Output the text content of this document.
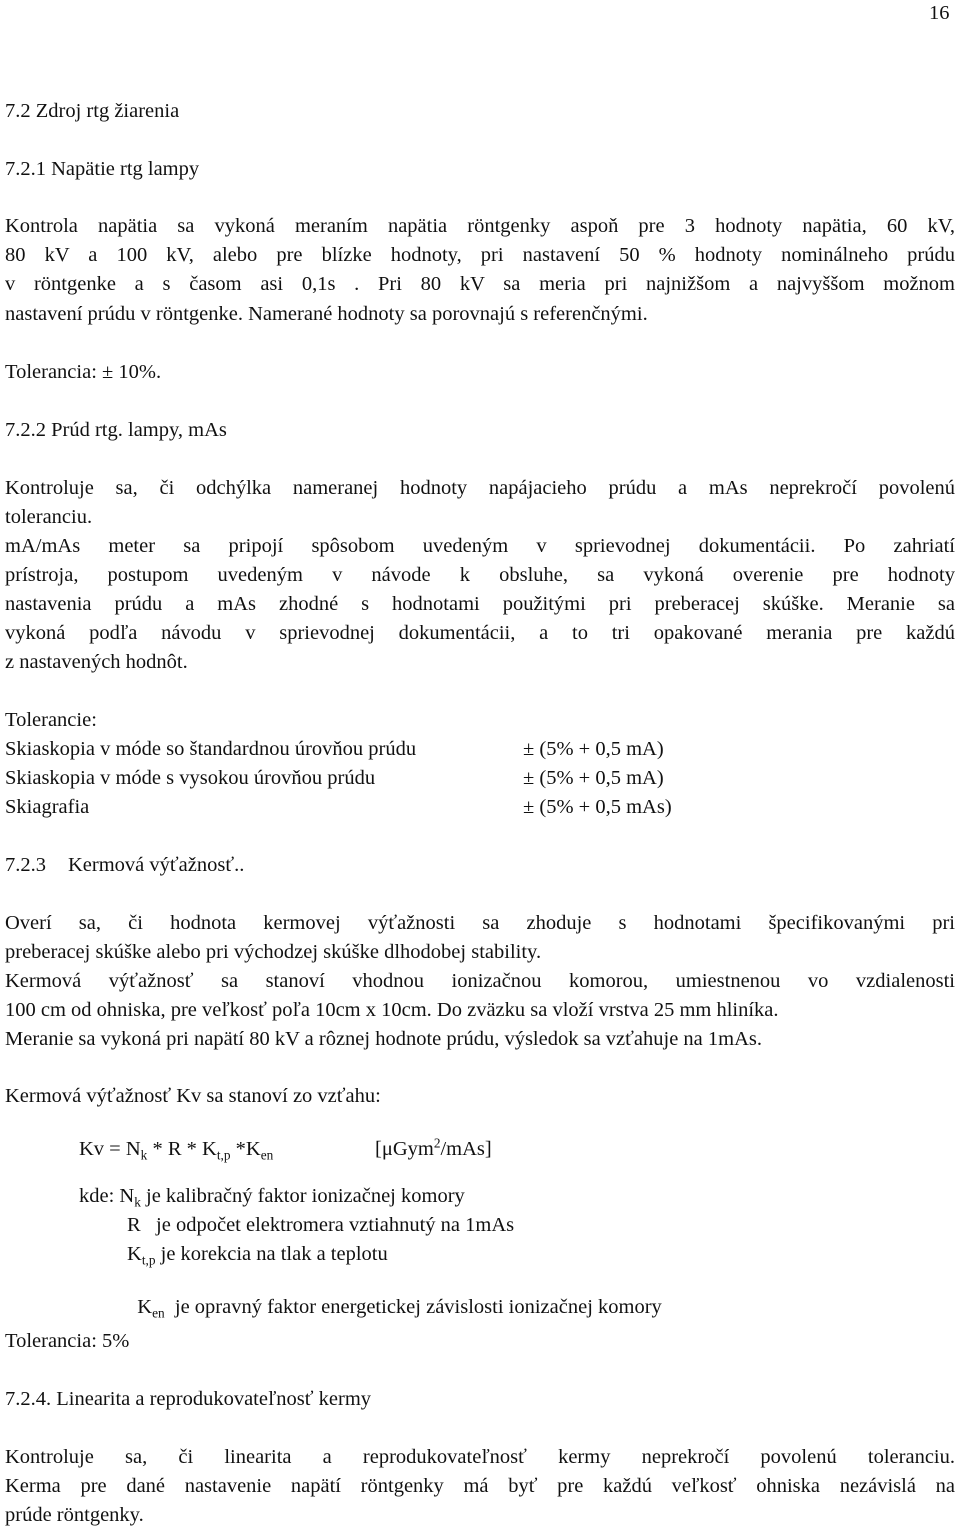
16
7.2 Zdroj rtg žiarenia
7.2.1 Napätie rtg lampy
Kontrola napätia sa vykoná meraním napätia röntgenky aspoň pre 3 hodnoty napätia, 60 kV,
80 kV a 100 kV, alebo pre blízke hodnoty, pri nastavení 50 % hodnoty nominálneho prúdu
v röntgenke a s časom asi 0,1s . Pri 80 kV sa meria pri najnižšom a najvyššom možnom
nastavení prúdu v röntgenke. Namerané hodnoty sa porovnajú s referenčnými.
Tolerancia: ± 10%.
7.2.2 Prúd rtg. lampy, mAs
Kontroluje sa, či odchýlka nameranej hodnoty napájacieho prúdu a mAs neprekročí povolenú
toleranciu.
mA/mAs meter sa pripojí spôsobom uvedeným v sprievodnej dokumentácii. Po zahriatí
prístroja, postupom uvedeným v návode k obsluhe, sa vykoná overenie pre hodnoty
nastavenia prúdu a mAs zhodné s hodnotami použitými pri preberacej skúške. Meranie sa
vykoná podľa návodu v sprievodnej dokumentácii, a to tri opakované merania pre každú
z nastavených hodnôt.
Tolerancie:
Skiaskopia v móde so štandardnou úrovňou prúdu	± (5% + 0,5 mA)
Skiaskopia v móde s vysokou úrovňou prúdu	± (5% + 0,5 mA)
Skiagrafia	± (5% + 0,5 mAs)
7.2.3 Kermová výťažnosť..
Overí sa, či hodnota kermovej výťažnosti sa zhoduje s hodnotami špecifikovanými pri
preberacej skúške alebo pri východzej skúške dlhodobej stability.
Kermová výťažnosť sa stanoví vhodnou ionizačnou komorou, umiestnenou vo vzdialenosti
100 cm od ohniska, pre veľkosť poľa 10cm x 10cm. Do zväzku sa vloží vrstva 25 mm hliníka.
Meranie sa vykoná pri napätí 80 kV a rôznej hodnote prúdu, výsledok sa vzťahuje na 1mAs.
Kermová výťažnosť Kv sa stanoví zo vzťahu:
$Kv = N_k * R * K_{t,p}$ $*K_{en}$	[μGym$^2$/mAs]
kde: $N_k$ je kalibračný faktor ionizačnej komory
R   je odpočet elektromera vztiahnutý na 1mAs
$K_{t,p}$ je korekcia na tlak a teplotu

$K_{en}$  je opravný faktor energetickej závislosti ionizačnej komory

Tolerancia: 5%
7.2.4. Linearita a reprodukovateľnosť kermy
Kontroluje sa, či linearita a reprodukovateľnosť kermy neprekročí povolenú toleranciu.
Kerma pre dané nastavenie napätí röntgenky má byť pre každú veľkosť ohniska nezávislá na
prúde röntgenky.
